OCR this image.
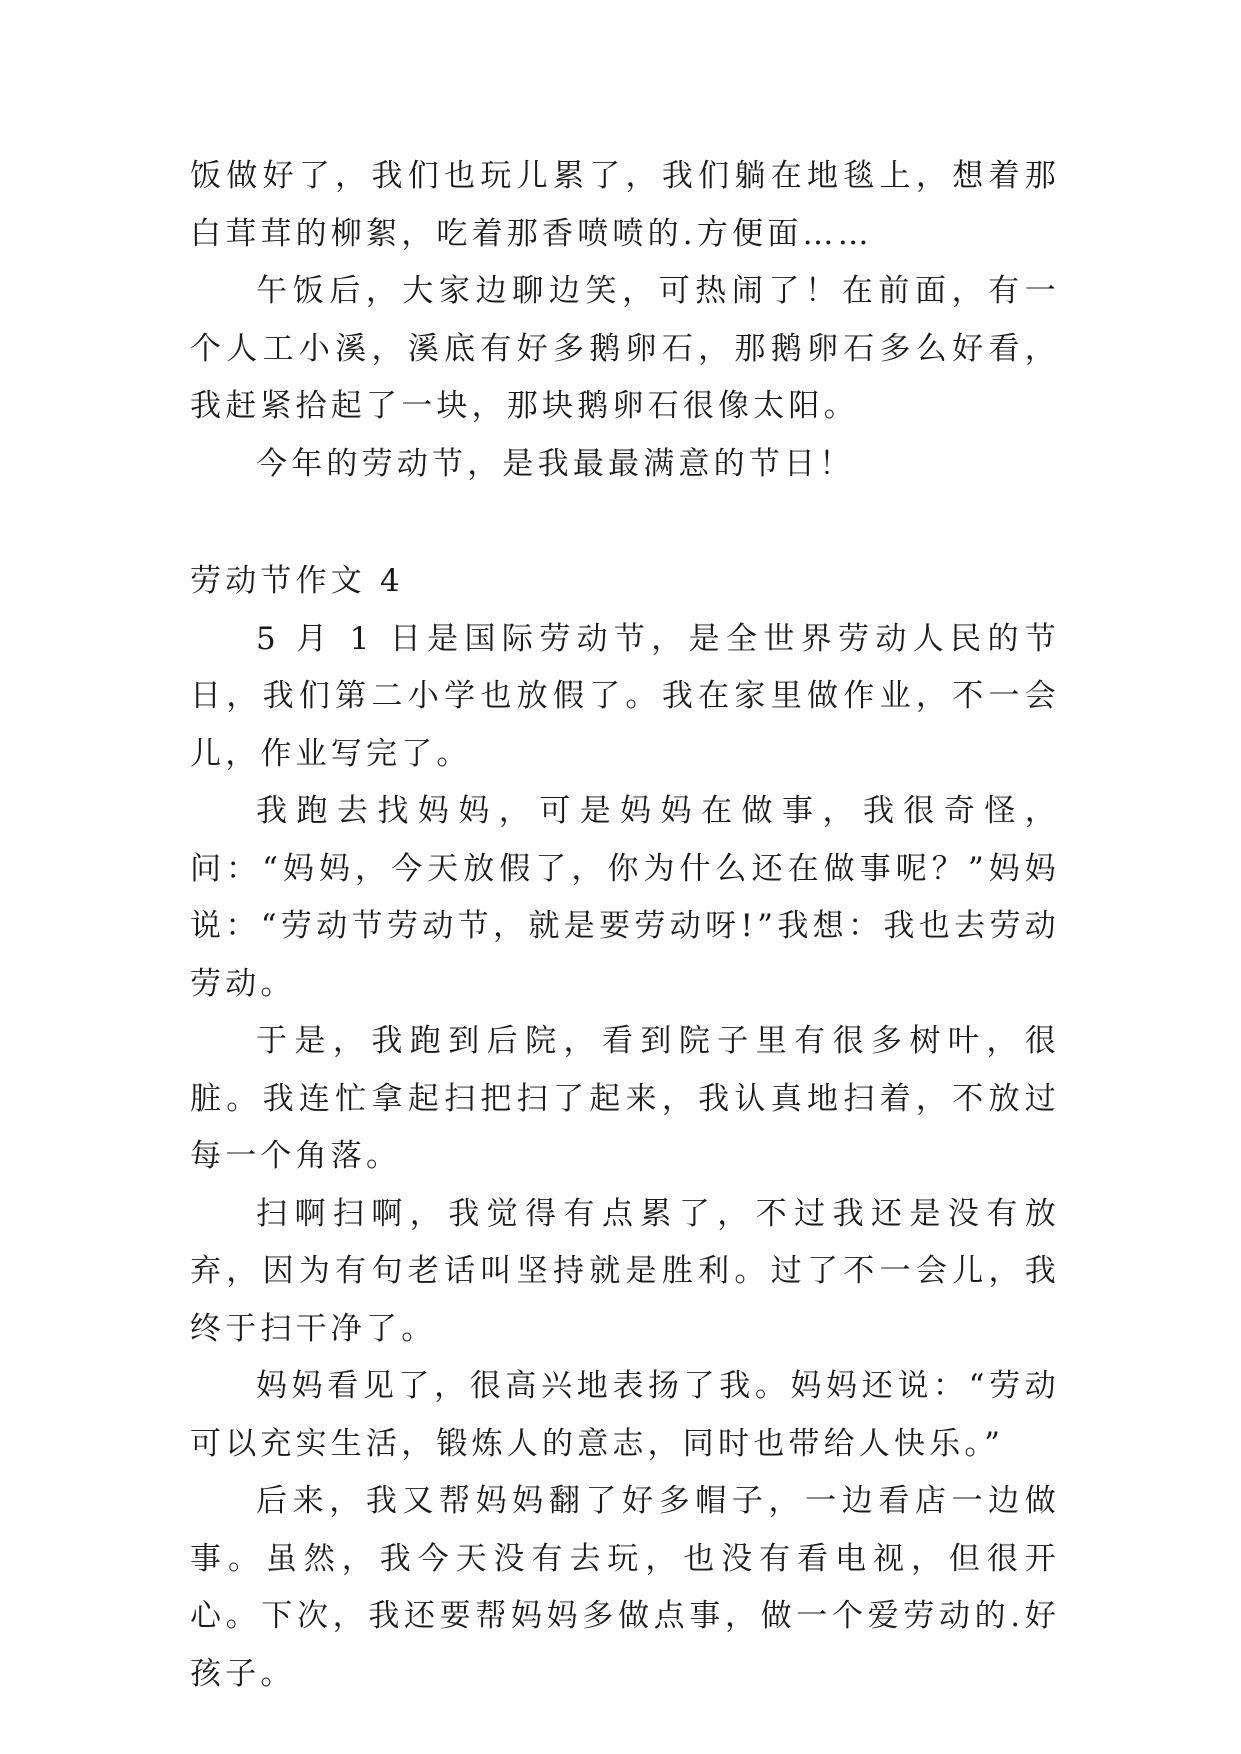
饭做好了，我们也玩儿累了，我们躺在地毯上，想着那白茸茸的柳絮，吃着那香喷喷的.方便面……

午饭后，大家边聊边笑，可热闹了！在前面，有一个人工小溪，溪底有好多鹅卵石，那鹅卵石多么好看，我赶紧拾起了一块，那块鹅卵石很像太阳。

今年的劳动节，是我最最满意的节日！

劳动节作文 4

5 月 1 日是国际劳动节，是全世界劳动人民的节日，我们第二小学也放假了。我在家里做作业，不一会儿，作业写完了。

我跑去找妈妈，可是妈妈在做事，我很奇怪，问：“妈妈，今天放假了，你为什么还在做事呢？”妈妈说：“劳动节劳动节，就是要劳动呀!”我想：我也去劳动劳动。

于是，我跑到后院，看到院子里有很多树叶，很脏。我连忙拿起扫把扫了起来，我认真地扫着，不放过每一个角落。

扫啊扫啊，我觉得有点累了，不过我还是没有放弃，因为有句老话叫坚持就是胜利。过了不一会儿，我终于扫干净了。

妈妈看见了，很高兴地表扬了我。妈妈还说：“劳动可以充实生活，锻炼人的意志，同时也带给人快乐。”

后来，我又帮妈妈翻了好多帽子，一边看店一边做事。虽然，我今天没有去玩，也没有看电视，但很开心。下次，我还要帮妈妈多做点事，做一个爱劳动的.好孩子。
